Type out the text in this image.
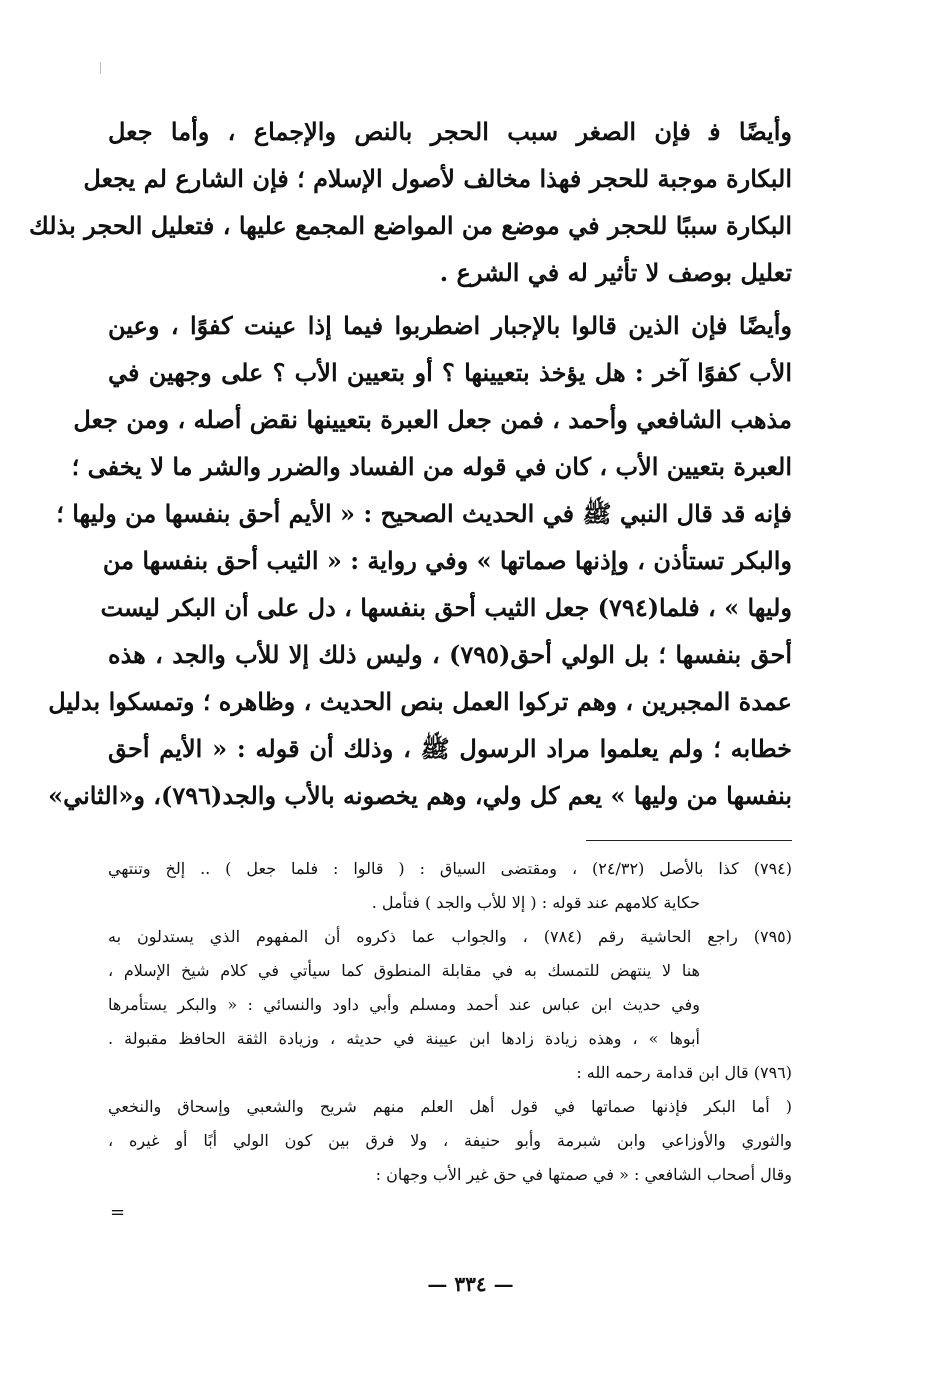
وأيضًا ﻓ فإن الصغر سبب الحجر بالنص والإجماع ، وأما جعل
البكارة موجبة للحجر فهذا مخالف لأصول الإسلام ؛ فإن الشارع لم يجعل
البكارة سببًا للحجر في موضع من المواضع المجمع عليها ، فتعليل الحجر بذلك
تعليل بوصف لا تأثير له في الشرع .
وأيضًا فإن الذين قالوا بالإجبار اضطربوا فيما إذا عينت كفوًا ، وعين
الأب كفوًا آخر : هل يؤخذ بتعيينها ؟ أو بتعيين الأب ؟ على وجهين في
مذهب الشافعي وأحمد ، فمن جعل العبرة بتعيينها نقض أصله ، ومن جعل
العبرة بتعيين الأب ، كان في قوله من الفساد والضرر والشر ما لا يخفى ؛
فإنه قد قال النبي ﷺ في الحديث الصحيح : « الأيم أحق بنفسها من وليها ؛
والبكر تستأذن ، وإذنها صماتها » وفي رواية : « الثيب أحق بنفسها من
وليها » ، فلما(٧٩٤) جعل الثيب أحق بنفسها ، دل على أن البكر ليست
أحق بنفسها ؛ بل الولي أحق(٧٩٥) ، وليس ذلك إلا للأب والجد ، هذه
عمدة المجبرين ، وهم تركوا العمل بنص الحديث ، وظاهره ؛ وتمسكوا بدليل
خطابه ؛ ولم يعلموا مراد الرسول ﷺ ، وذلك أن قوله : « الأيم أحق
بنفسها من وليها » يعم كل ولي، وهم يخصونه بالأب والجد(٧٩٦)، و«الثاني»
(٧٩٤) كذا بالأصل (٢٤/٣٢) ، ومقتضى السياق : ( قالوا : فلما جعل ) .. إلخ وتنتهي
حكاية كلامهم عند قوله : ( إلا للأب والجد ) فتأمل .
(٧٩٥) راجع الحاشية رقم (٧٨٤) ، والجواب عما ذكروه أن المفهوم الذي يستدلون به
هنا لا ينتهض للتمسك به في مقابلة المنطوق كما سيأتي في كلام شيخ الإسلام ،
وفي حديث ابن عباس عند أحمد ومسلم وأبي داود والنسائي : « والبكر يستأمرها
أبوها » ، وهذه زيادة زادها ابن عيينة في حديثه ، وزيادة الثقة الحافظ مقبولة .
(٧٩٦) قال ابن قدامة رحمه الله :
( أما البكر فإذنها صماتها في قول أهل العلم منهم شريح والشعبي وإسحاق والنخعي
والثوري والأوزاعي وابن شبرمة وأبو حنيفة ، ولا فرق بين كون الولي أبًا أو غيره ،
وقال أصحاب الشافعي : « في صمتها في حق غير الأب وجهان :
=
— ٣٣٤ —
